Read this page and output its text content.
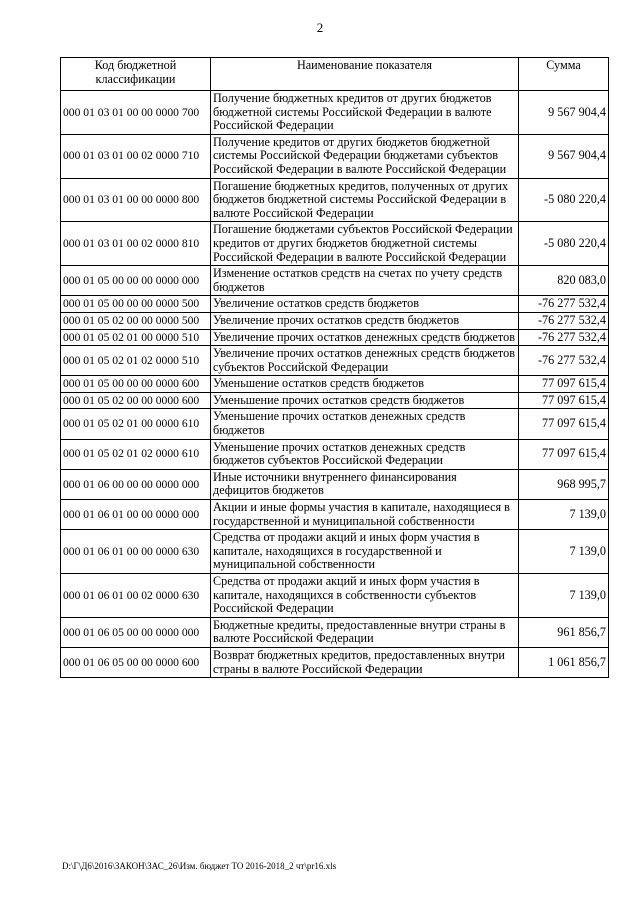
2
Код бюджетной классификации	Наименование показателя	Сумма
000 01 03 01 00 00 0000 700	Получение бюджетных кредитов от других бюджетов бюджетной системы Российской Федерации в валюте Российской Федерации	9 567 904,4
000 01 03 01 00 02 0000 710	Получение кредитов от других бюджетов бюджетной системы Российской Федерации бюджетами субъектов Российской Федерации в валюте Российской Федерации	9 567 904,4
000 01 03 01 00 00 0000 800	Погашение бюджетных кредитов, полученных от других бюджетов бюджетной системы Российской Федерации в валюте Российской Федерации	-5 080 220,4
000 01 03 01 00 02 0000 810	Погашение бюджетами субъектов Российской Федерации кредитов от других бюджетов бюджетной системы Российской Федерации в валюте Российской Федерации	-5 080 220,4
000 01 05 00 00 00 0000 000	Изменение остатков средств на счетах по учету средств бюджетов	820 083,0
000 01 05 00 00 00 0000 500	Увеличение остатков средств бюджетов	-76 277 532,4
000 01 05 02 00 00 0000 500	Увеличение прочих остатков средств бюджетов	-76 277 532,4
000 01 05 02 01 00 0000 510	Увеличение прочих остатков денежных средств бюджетов	-76 277 532,4
000 01 05 02 01 02 0000 510	Увеличение прочих остатков денежных средств бюджетов субъектов Российской Федерации	-76 277 532,4
000 01 05 00 00 00 0000 600	Уменьшение остатков средств бюджетов	77 097 615,4
000 01 05 02 00 00 0000 600	Уменьшение прочих остатков средств бюджетов	77 097 615,4
000 01 05 02 01 00 0000 610	Уменьшение прочих остатков денежных средств бюджетов	77 097 615,4
000 01 05 02 01 02 0000 610	Уменьшение прочих остатков денежных средств бюджетов субъектов Российской Федерации	77 097 615,4
000 01 06 00 00 00 0000 000	Иные источники внутреннего финансирования дефицитов бюджетов	968 995,7
000 01 06 01 00 00 0000 000	Акции и иные формы участия в капитале, находящиеся в государственной и муниципальной собственности	7 139,0
000 01 06 01 00 00 0000 630	Средства от продажи акций и иных форм участия в капитале, находящихся в государственной и муниципальной собственности	7 139,0
000 01 06 01 00 02 0000 630	Средства от продажи акций и иных форм участия в капитале, находящихся в собственности субъектов Российской Федерации	7 139,0
000 01 06 05 00 00 0000 000	Бюджетные кредиты, предоставленные внутри страны в валюте Российской Федерации	961 856,7
000 01 06 05 00 00 0000 600	Возврат бюджетных кредитов, предоставленных внутри страны в валюте Российской Федерации	1 061 856,7
D:\Г\Д6\2016\ЗАКОН\ЗАС_26\Изм. бюджет ТО 2016-2018_2 чт\pr16.xls
